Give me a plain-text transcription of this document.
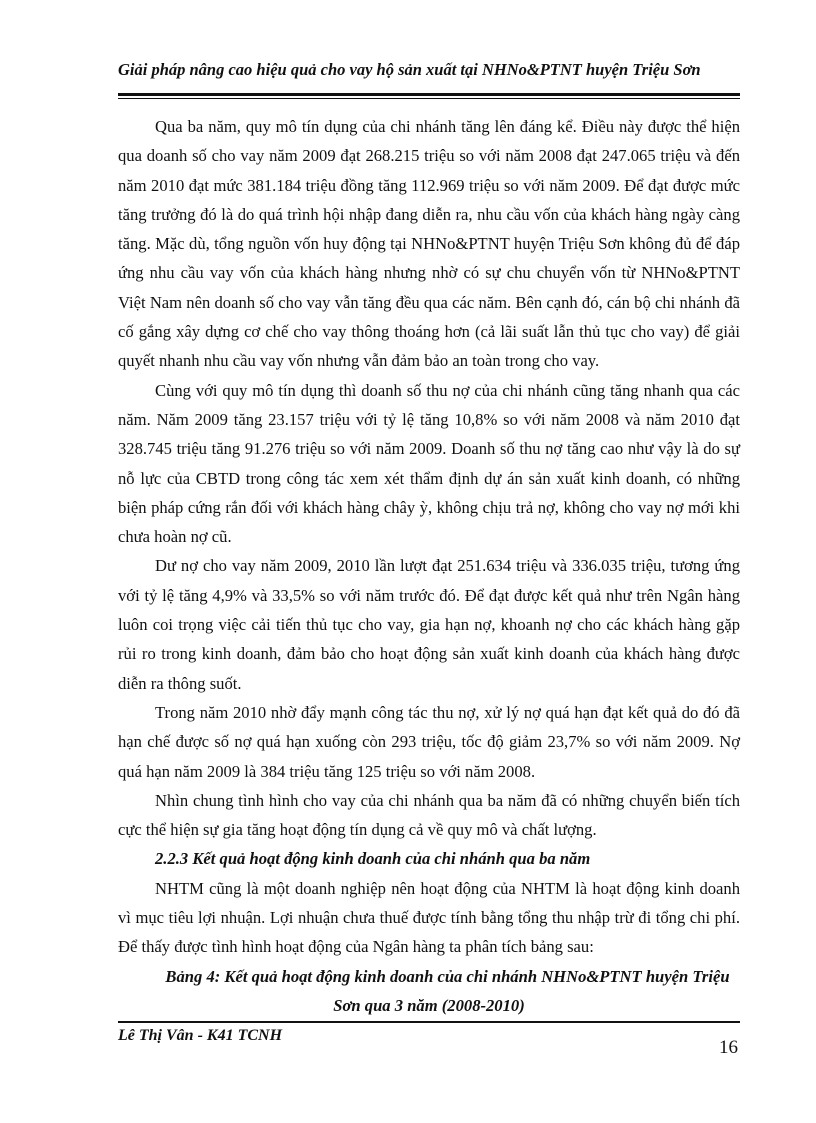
Giải pháp nâng cao hiệu quả cho vay hộ sản xuất tại NHNo&PTNT huyện Triệu Sơn

Qua ba năm, quy mô tín dụng của chi nhánh tăng lên đáng kể. Điều này được thể hiện qua doanh số cho vay năm 2009 đạt 268.215 triệu so với năm 2008 đạt 247.065 triệu và đến năm 2010 đạt mức 381.184 triệu đồng tăng 112.969 triệu so với năm 2009. Để đạt được mức tăng trưởng đó là do quá trình hội nhập đang diễn ra, nhu cầu vốn của khách hàng ngày càng tăng. Mặc dù, tổng nguồn vốn huy động tại NHNo&PTNT huyện Triệu Sơn không đủ để đáp ứng nhu cầu vay vốn của khách hàng nhưng nhờ có sự chu chuyển vốn từ NHNo&PTNT Việt Nam nên doanh số cho vay vẫn tăng đều qua các năm. Bên cạnh đó, cán bộ chi nhánh đã cố gắng xây dựng cơ chế cho vay thông thoáng hơn (cả lãi suất lẫn thủ tục cho vay) để giải quyết nhanh nhu cầu vay vốn nhưng vẫn đảm bảo an toàn trong cho vay.

Cùng với quy mô tín dụng thì doanh số thu nợ của chi nhánh cũng tăng nhanh qua các năm. Năm 2009 tăng 23.157 triệu với tỷ lệ tăng 10,8% so với năm 2008 và năm 2010 đạt 328.745 triệu tăng 91.276 triệu so với năm 2009. Doanh số thu nợ tăng cao như vậy là do sự nỗ lực của CBTD trong công tác xem xét thẩm định dự án sản xuất kinh doanh, có những biện pháp cứng rắn đối với khách hàng chây ỳ, không chịu trả nợ, không cho vay nợ mới khi chưa hoàn nợ cũ.

Dư nợ cho vay năm 2009, 2010 lần lượt đạt 251.634 triệu và 336.035 triệu, tương ứng với tỷ lệ tăng 4,9% và 33,5% so với năm trước đó. Để đạt được kết quả như trên Ngân hàng luôn coi trọng việc cải tiến thủ tục cho vay, gia hạn nợ, khoanh nợ cho các khách hàng gặp rủi ro trong kinh doanh, đảm bảo cho hoạt động sản xuất kinh doanh của khách hàng được diễn ra thông suốt.

Trong năm 2010 nhờ đẩy mạnh công tác thu nợ, xử lý nợ quá hạn đạt kết quả do đó đã hạn chế được số nợ quá hạn xuống còn 293 triệu, tốc độ giảm 23,7% so với năm 2009. Nợ quá hạn năm 2009 là 384 triệu tăng 125 triệu so với năm 2008.

Nhìn chung tình hình cho vay của chi nhánh qua ba năm đã có những chuyển biến tích cực thể hiện sự gia tăng hoạt động tín dụng cả về quy mô và chất lượng.

2.2.3 Kết quả hoạt động kinh doanh của chi nhánh qua ba năm

NHTM cũng là một doanh nghiệp nên hoạt động của NHTM là hoạt động kinh doanh vì mục tiêu lợi nhuận. Lợi nhuận chưa thuế được tính bằng tổng thu nhập trừ đi tổng chi phí. Để thấy được tình hình hoạt động của Ngân hàng ta phân tích bảng sau:

Bảng 4: Kết quả hoạt động kinh doanh của chi nhánh NHNo&PTNT huyện Triệu Sơn qua 3 năm (2008-2010)

Lê Thị Vân - K41 TCNH
16
